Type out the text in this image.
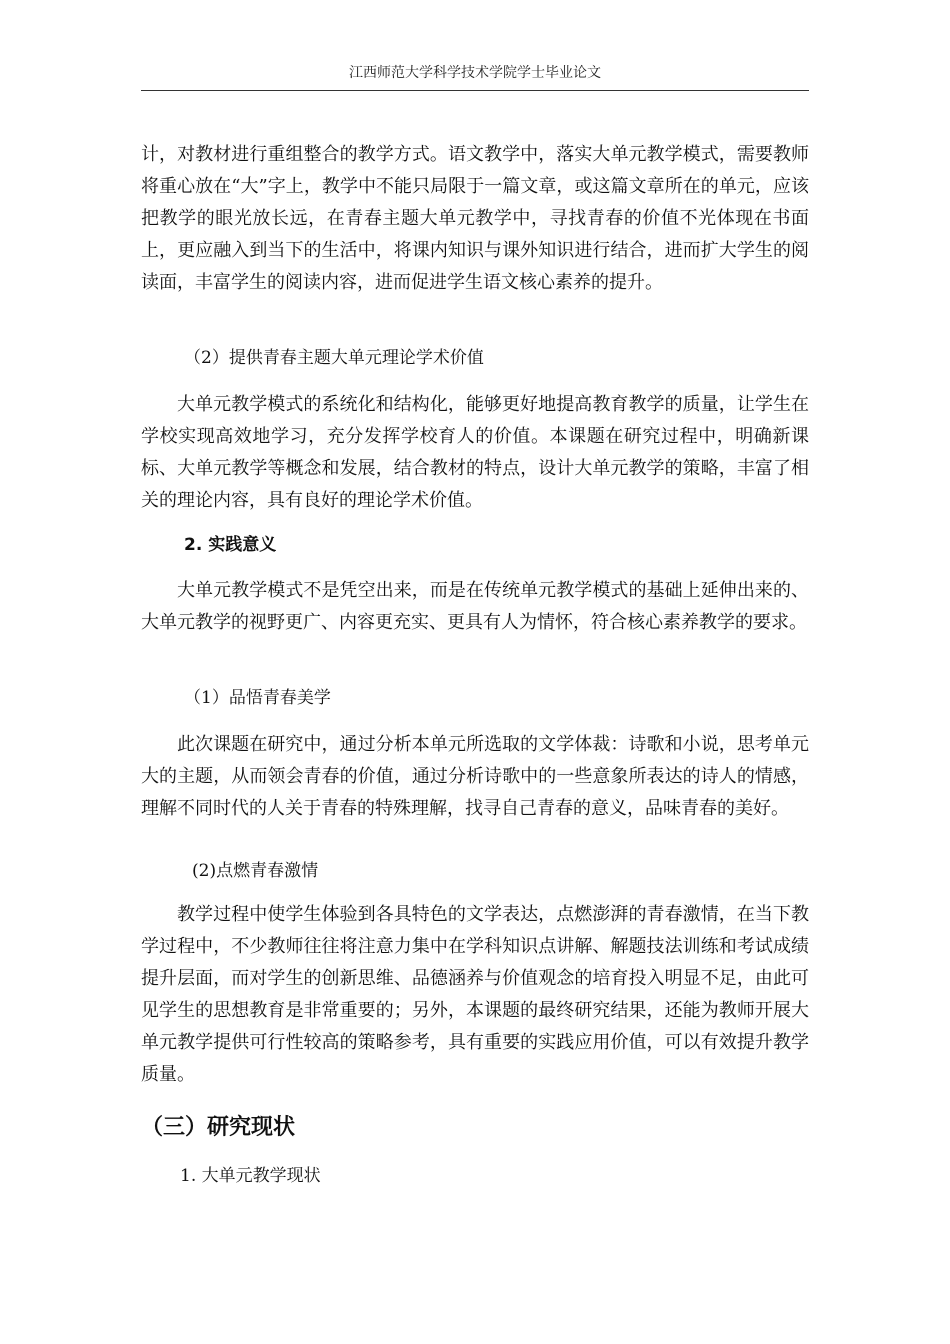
江西师范大学科学技术学院学士毕业论文

计，对教材进行重组整合的教学方式。语文教学中，落实大单元教学模式，需要教师将重心放在“大”字上，教学中不能只局限于一篇文章，或这篇文章所在的单元，应该把教学的眼光放长远，在青春主题大单元教学中，寻找青春的价值不光体现在书面上，更应融入到当下的生活中，将课内知识与课外知识进行结合，进而扩大学生的阅读面，丰富学生的阅读内容，进而促进学生语文核心素养的提升。

（2）提供青春主题大单元理论学术价值

大单元教学模式的系统化和结构化，能够更好地提高教育教学的质量，让学生在学校实现高效地学习，充分发挥学校育人的价值。本课题在研究过程中，明确新课标、大单元教学等概念和发展，结合教材的特点，设计大单元教学的策略，丰富了相关的理论内容，具有良好的理论学术价值。

2. 实践意义

大单元教学模式不是凭空出来，而是在传统单元教学模式的基础上延伸出来的、大单元教学的视野更广、内容更充实、更具有人为情怀，符合核心素养教学的要求。

（1）品悟青春美学

此次课题在研究中，通过分析本单元所选取的文学体裁：诗歌和小说，思考单元大的主题，从而领会青春的价值，通过分析诗歌中的一些意象所表达的诗人的情感，理解不同时代的人关于青春的特殊理解，找寻自己青春的意义，品味青春的美好。

(2)点燃青春激情

教学过程中使学生体验到各具特色的文学表达，点燃澎湃的青春激情，在当下教学过程中，不少教师往往将注意力集中在学科知识点讲解、解题技法训练和考试成绩提升层面，而对学生的创新思维、品德涵养与价值观念的培育投入明显不足，由此可见学生的思想教育是非常重要的；另外，本课题的最终研究结果，还能为教师开展大单元教学提供可行性较高的策略参考，具有重要的实践应用价值，可以有效提升教学质量。

（三）研究现状
1. 大单元教学现状
